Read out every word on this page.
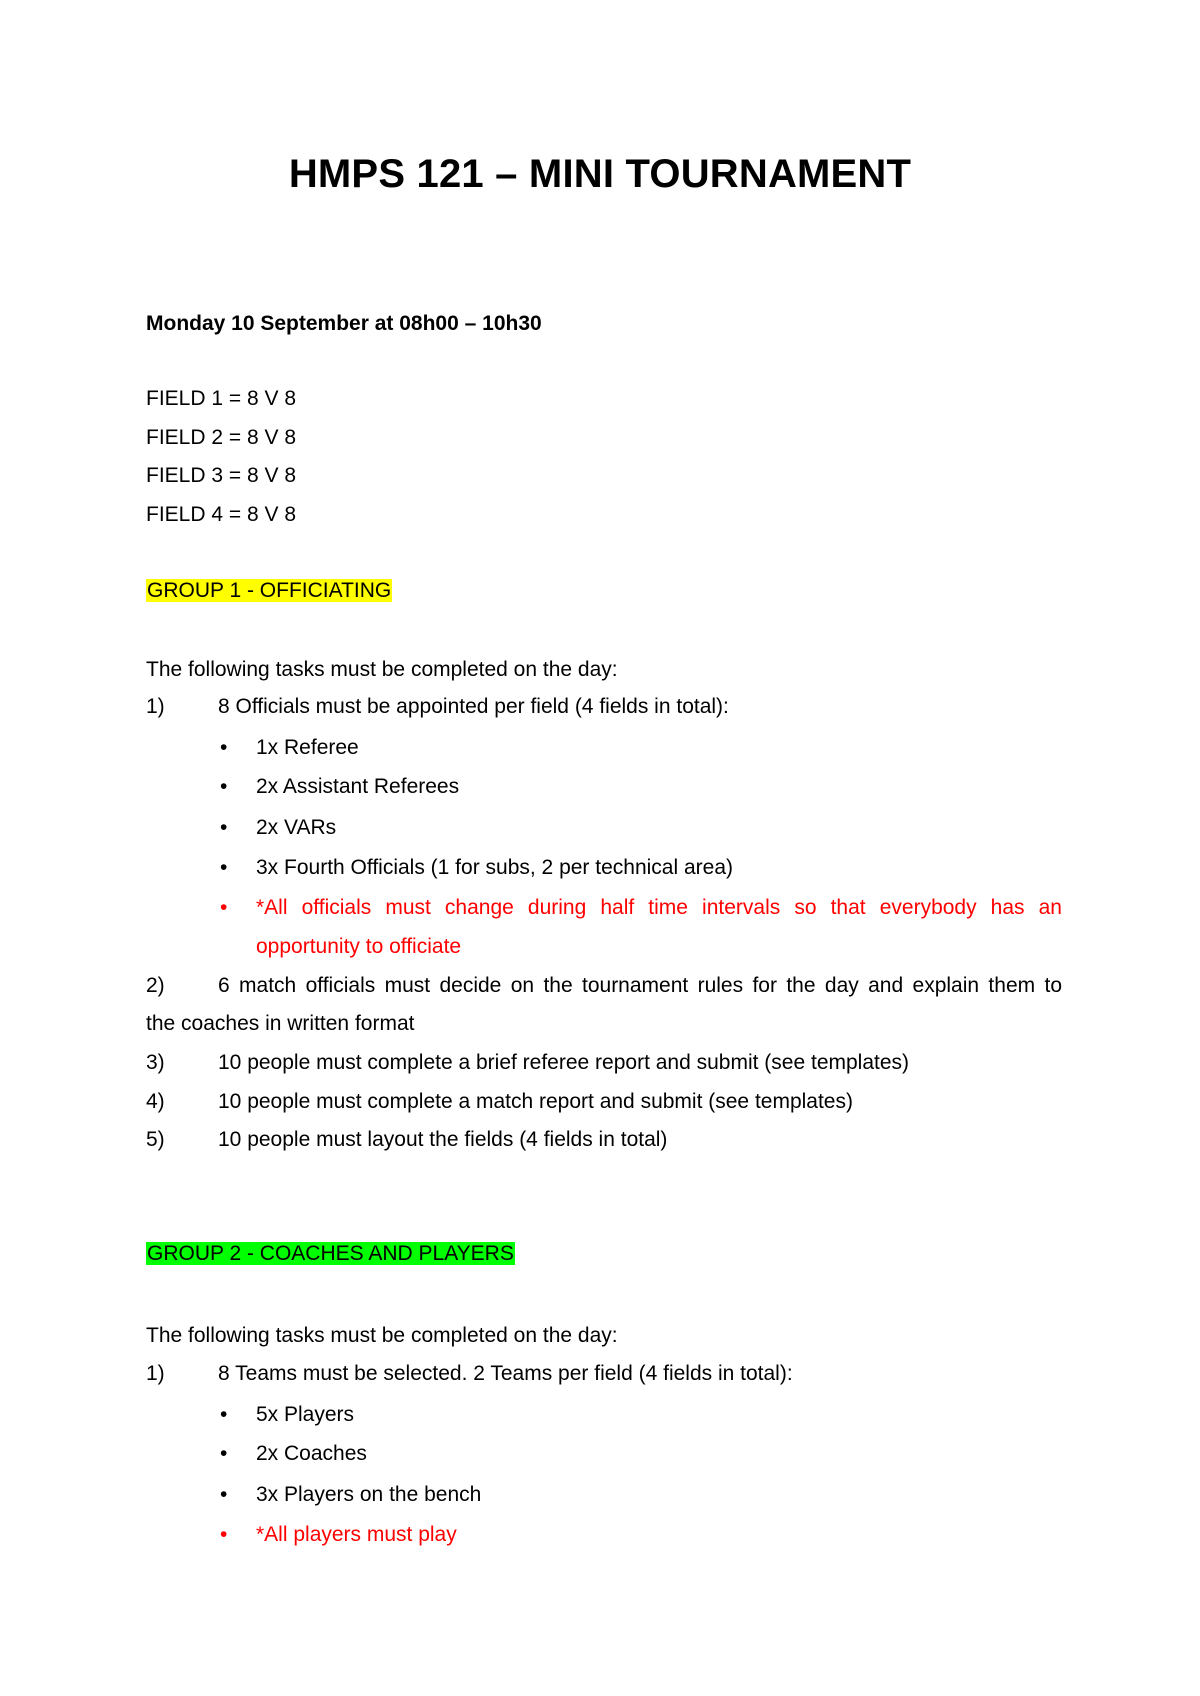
HMPS 121 – MINI TOURNAMENT
Monday 10 September at 08h00 – 10h30
FIELD 1 = 8 V 8
FIELD 2 = 8 V 8
FIELD 3 = 8 V 8
FIELD 4 = 8 V 8
GROUP 1 - OFFICIATING
The following tasks must be completed on the day:
1)	8 Officials must be appointed per field (4 fields in total):
• 1x Referee
• 2x Assistant Referees
• 2x VARs
• 3x Fourth Officials (1 for subs, 2 per technical area)
• *All officials must change during half time intervals so that everybody has an
opportunity to officiate
2)	6 match officials must decide on the tournament rules for the day and explain them to
the coaches in written format
3)	10 people must complete a brief referee report and submit (see templates)
4)	10 people must complete a match report and submit (see templates)
5)	10 people must layout the fields (4 fields in total)
GROUP 2 - COACHES AND PLAYERS
The following tasks must be completed on the day:
1)	8 Teams must be selected. 2 Teams per field (4 fields in total):
• 5x Players
• 2x Coaches
• 3x Players on the bench
• *All players must play
